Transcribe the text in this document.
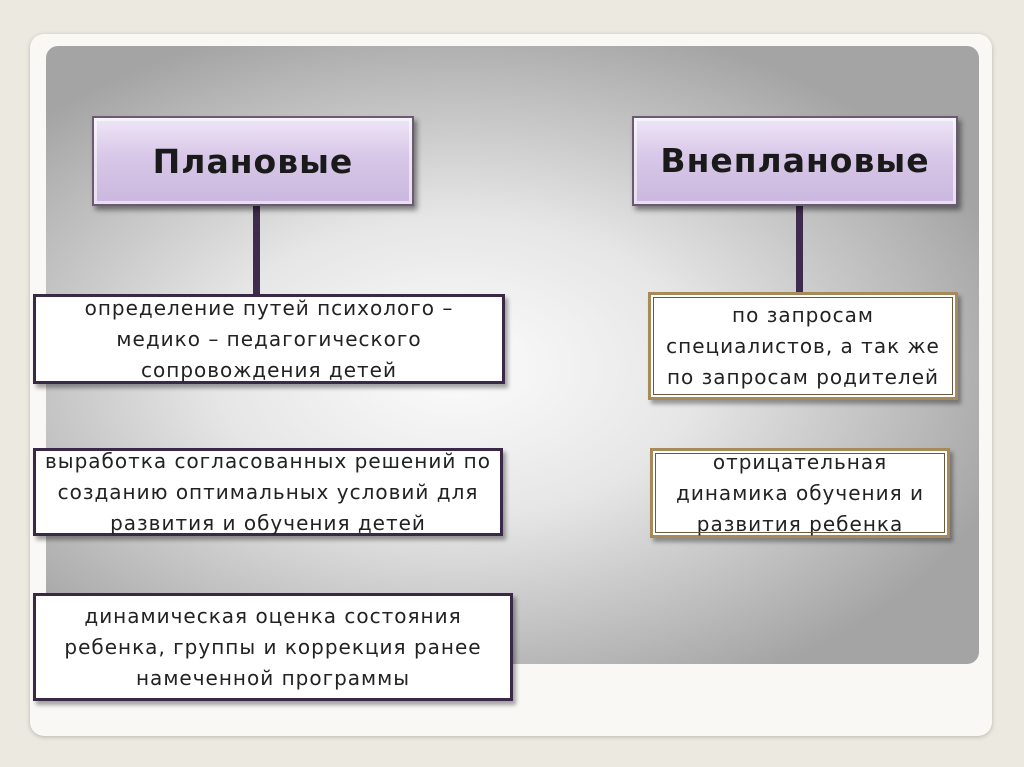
Плановые	Внеплановые
определение путей психолого – медико – педагогического сопровождения детей
выработка согласованных решений по созданию оптимальных условий для развития и обучения детей
динамическая оценка состояния ребенка, группы и коррекция ранее намеченной программы
по запросам специалистов, а так же по запросам родителей
отрицательная динамика обучения и развития ребенка
